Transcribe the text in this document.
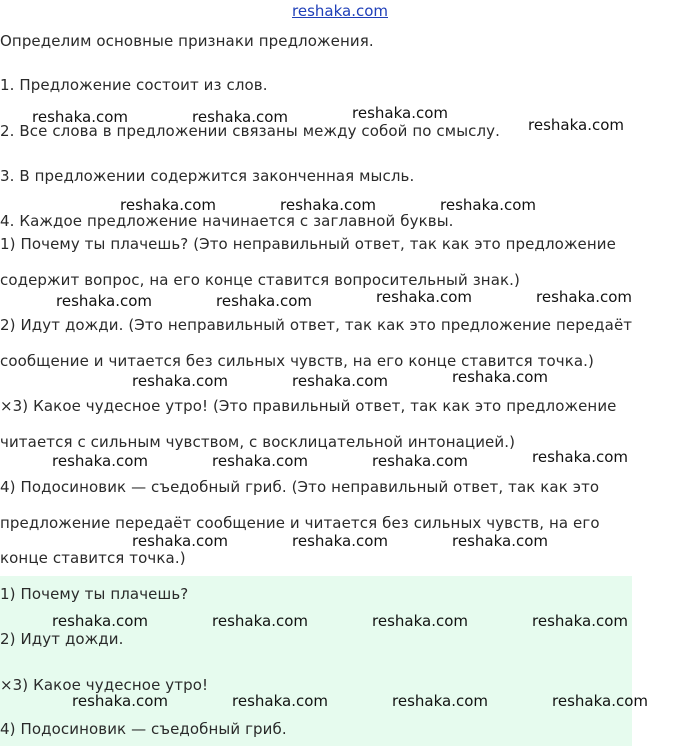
reshaka.com
Определим основные признаки предложения.
1. Предложение состоит из слов.
2. Все слова в предложении связаны между собой по смыслу.
3. В предложении содержится законченная мысль.
4. Каждое предложение начинается с заглавной буквы.
1) Почему ты плачешь? (Это неправильный ответ, так как это предложение
содержит вопрос, на его конце ставится вопросительный знак.)
2) Идут дожди. (Это неправильный ответ, так как это предложение передаёт
сообщение и читается без сильных чувств, на его конце ставится точка.)
×3) Какое чудесное утро! (Это правильный ответ, так как это предложение
читается с сильным чувством, с восклицательной интонацией.)
4) Подосиновик — съедобный гриб. (Это неправильный ответ, так как это
предложение передаёт сообщение и читается без сильных чувств, на его
конце ставится точка.)
1) Почему ты плачешь?
2) Идут дожди.
×3) Какое чудесное утро!
4) Подосиновик — съедобный гриб.
reshaka.com	reshaka.com	reshaka.com
reshaka.com
reshaka.com	reshaka.com	reshaka.com
reshaka.com	reshaka.com	reshaka.com	reshaka.com
reshaka.com	reshaka.com	reshaka.com
reshaka.com	reshaka.com	reshaka.com	reshaka.com
reshaka.com	reshaka.com	reshaka.com
reshaka.com	reshaka.com	reshaka.com	reshaka.com
reshaka.com	reshaka.com	reshaka.com	reshaka.com
